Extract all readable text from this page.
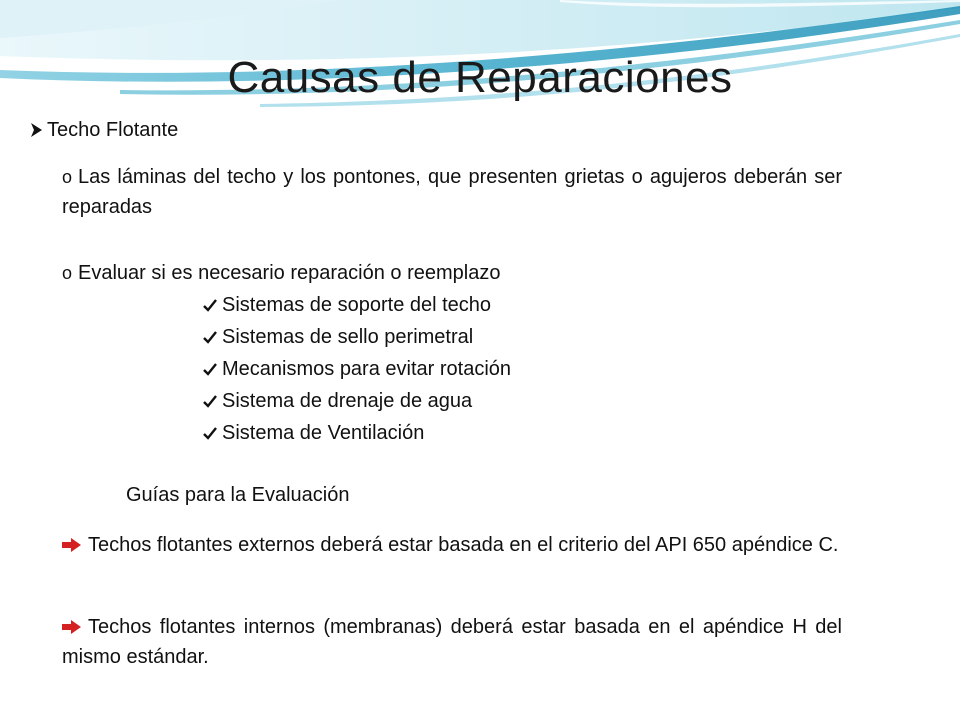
Causas de Reparaciones
Techo Flotante
o Las láminas del techo y los pontones, que presenten grietas o agujeros deberán ser reparadas
o Evaluar si es necesario reparación o reemplazo
Sistemas de soporte del techo
Sistemas de sello perimetral
Mecanismos para evitar rotación
Sistema de drenaje de agua
Sistema de Ventilación
Guías para la Evaluación
Techos flotantes externos deberá estar basada en el criterio del API 650 apéndice C.
Techos flotantes internos (membranas) deberá estar basada en el apéndice H del mismo estándar.
